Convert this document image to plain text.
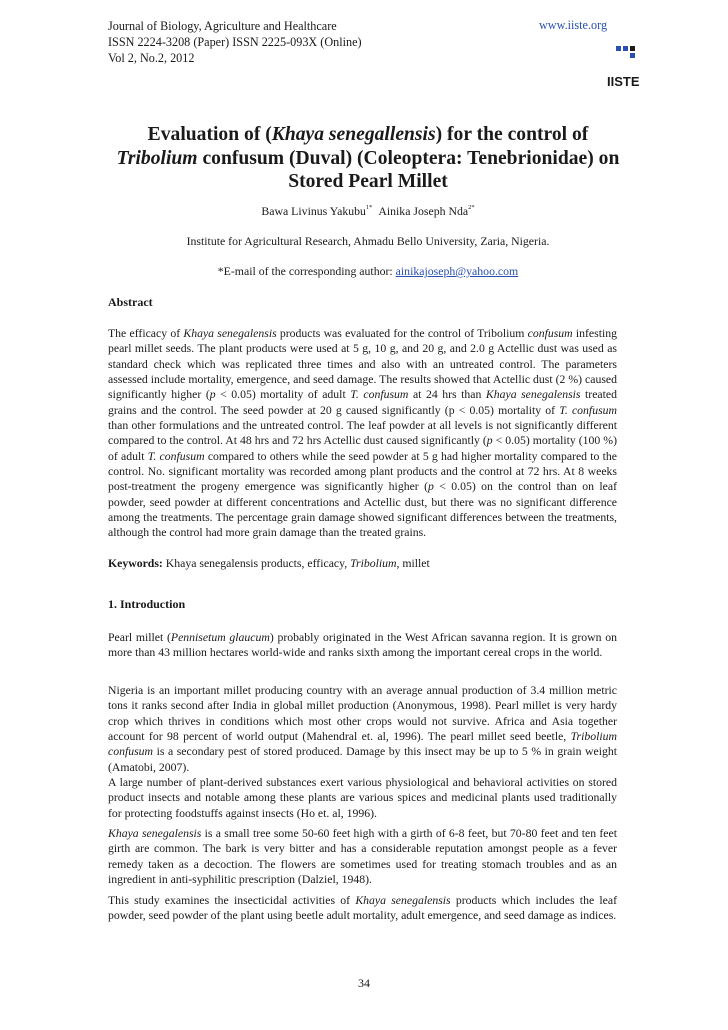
Journal of Biology, Agriculture and Healthcare
ISSN 2224-3208 (Paper) ISSN 2225-093X (Online)
Vol 2, No.2, 2012
www.iiste.org
IISTE
Evaluation of (Khaya senegallensis) for the control of Tribolium confusum (Duval) (Coleoptera: Tenebrionidae) on Stored Pearl Millet
Bawa Livinus Yakubu$^{1*}$ Ainika Joseph Nda$^{2*}$
Institute for Agricultural Research, Ahmadu Bello University, Zaria, Nigeria.
*E-mail of the corresponding author: ainikajoseph@yahoo.com
Abstract
The efficacy of Khaya senegalensis products was evaluated for the control of Tribolium confusum infesting pearl millet seeds. The plant products were used at 5 g, 10 g, and 20 g, and 2.0 g Actellic dust was used as standard check which was replicated three times and also with an untreated control. The parameters assessed include mortality, emergence, and seed damage. The results showed that Actellic dust (2 %) caused significantly higher (p < 0.05) mortality of adult T. confusum at 24 hrs than Khaya senegalensis treated grains and the control. The seed powder at 20 g caused significantly (p < 0.05) mortality of T. confusum than other formulations and the untreated control. The leaf powder at all levels is not significantly different compared to the control. At 48 hrs and 72 hrs Actellic dust caused significantly (p < 0.05) mortality (100 %) of adult T. confusum compared to others while the seed powder at 5 g had higher mortality compared to the control. No. significant mortality was recorded among plant products and the control at 72 hrs. At 8 weeks post-treatment the progeny emergence was significantly higher (p < 0.05) on the control than on leaf powder, seed powder at different concentrations and Actellic dust, but there was no significant difference among the treatments. The percentage grain damage showed significant differences between the treatments, although the control had more grain damage than the treated grains.
Keywords: Khaya senegalensis products, efficacy, Tribolium, millet
1. Introduction
Pearl millet (Pennisetum glaucum) probably originated in the West African savanna region. It is grown on more than 43 million hectares world-wide and ranks sixth among the important cereal crops in the world.
Nigeria is an important millet producing country with an average annual production of 3.4 million metric tons it ranks second after India in global millet production (Anonymous, 1998). Pearl millet is very hardy crop which thrives in conditions which most other crops would not survive. Africa and Asia together account for 98 percent of world output (Mahendral et. al, 1996). The pearl millet seed beetle, Tribolium confusum is a secondary pest of stored produced. Damage by this insect may be up to 5 % in grain weight (Amatobi, 2007).
A large number of plant-derived substances exert various physiological and behavioral activities on stored product insects and notable among these plants are various spices and medicinal plants used traditionally for protecting foodstuffs against insects (Ho et. al, 1996).
Khaya senegalensis is a small tree some 50-60 feet high with a girth of 6-8 feet, but 70-80 feet and ten feet girth are common. The bark is very bitter and has a considerable reputation amongst people as a fever remedy taken as a decoction. The flowers are sometimes used for treating stomach troubles and as an ingredient in anti-syphilitic prescription (Dalziel, 1948).
This study examines the insecticidal activities of Khaya senegalensis products which includes the leaf powder, seed powder of the plant using beetle adult mortality, adult emergence, and seed damage as indices.
34
